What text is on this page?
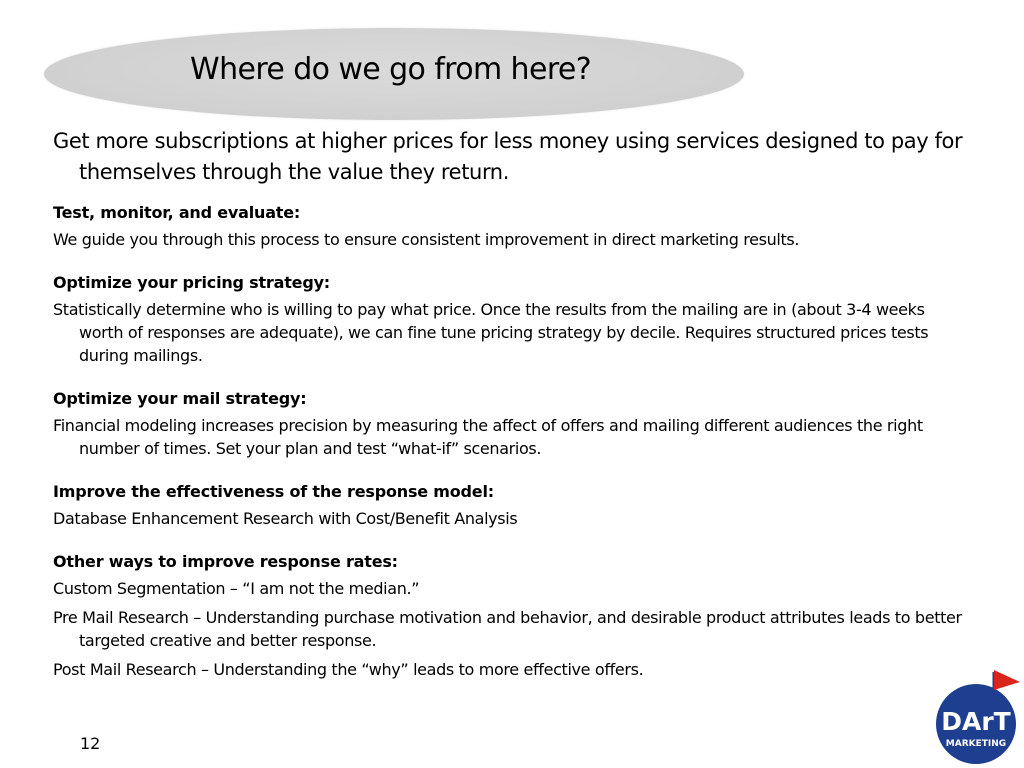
Where do we go from here?

Get more subscriptions at higher prices for less money using services designed to pay for themselves through the value they return.

Test, monitor, and evaluate:

We guide you through this process to ensure consistent improvement in direct marketing results.

Optimize your pricing strategy:

Statistically determine who is willing to pay what price. Once the results from the mailing are in (about 3-4 weeks worth of responses are adequate), we can fine tune pricing strategy by decile. Requires structured prices tests during mailings.

Optimize your mail strategy:

Financial modeling increases precision by measuring the affect of offers and mailing different audiences the right number of times. Set your plan and test “what-if” scenarios.

Improve the effectiveness of the response model:

Database Enhancement Research with Cost/Benefit Analysis

Other ways to improve response rates:

Custom Segmentation – “I am not the median.”

Pre Mail Research – Understanding purchase motivation and behavior, and desirable product attributes leads to better targeted creative and better response.

Post Mail Research – Understanding the “why” leads to more effective offers.

12
DArT
MARKETING
